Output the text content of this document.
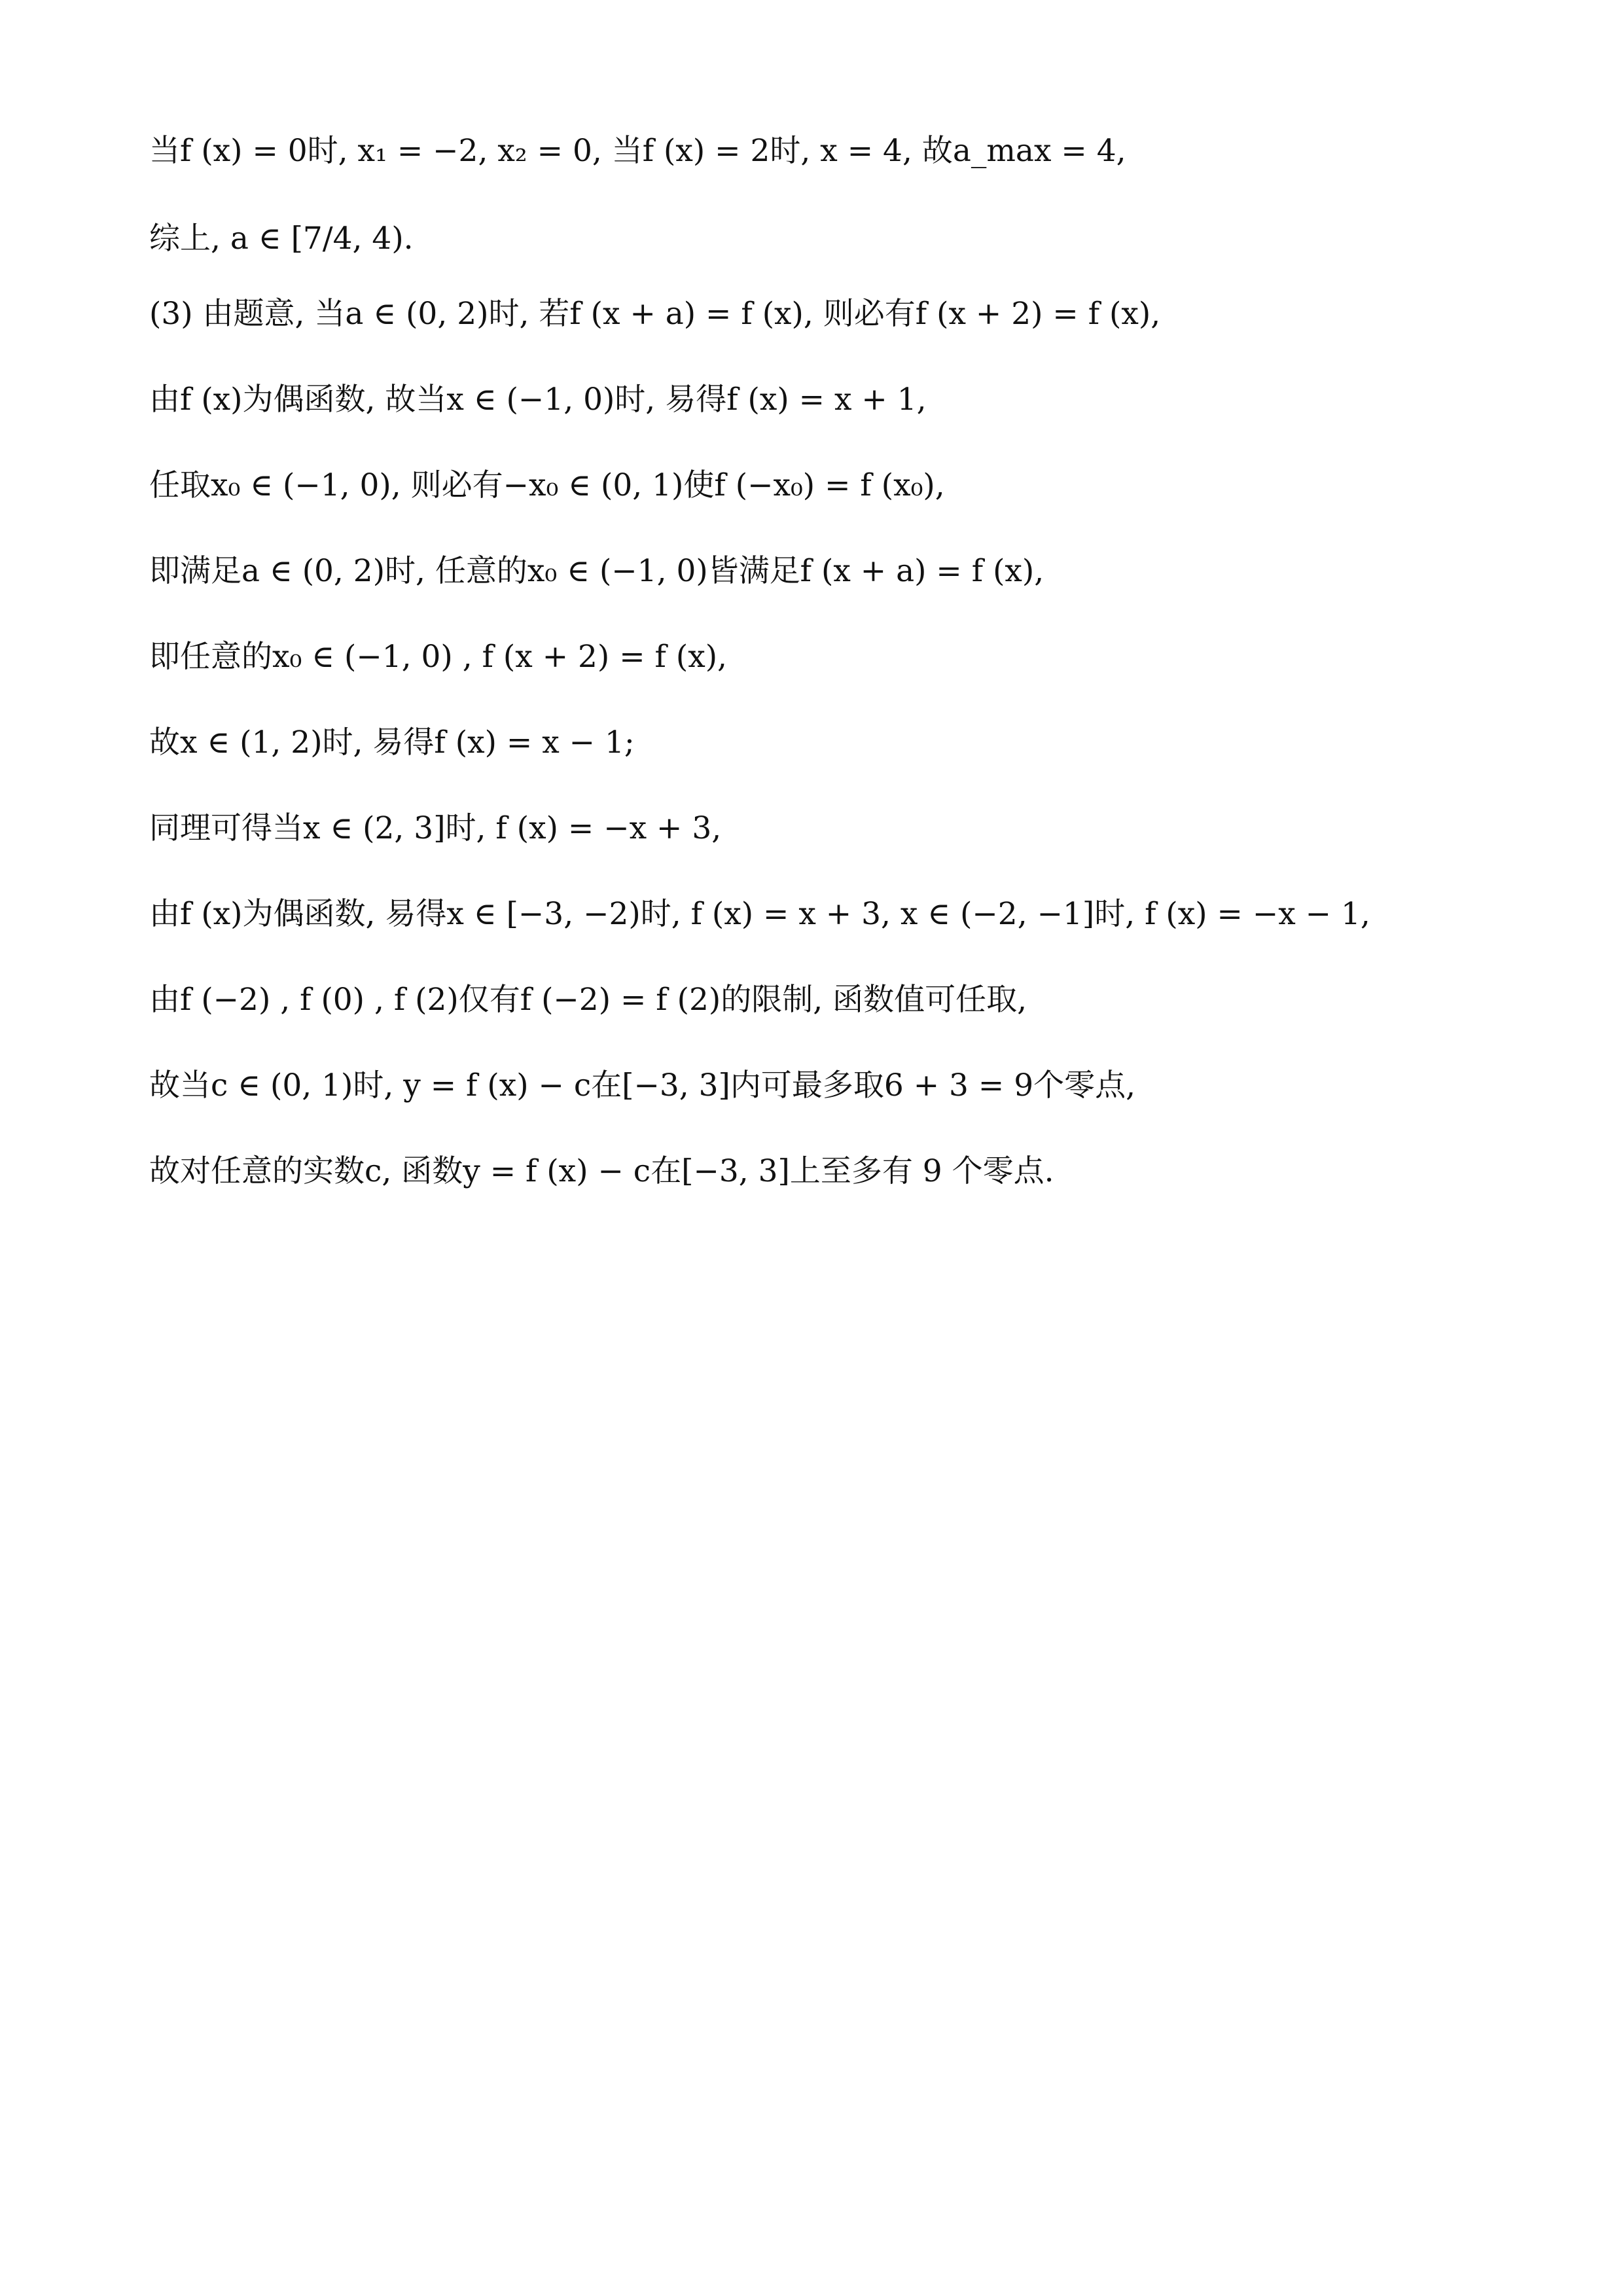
当f (x) = 0时, x₁ = −2, x₂ = 0, 当f (x) = 2时, x = 4, 故a_max = 4,
综上, a ∈ [7/4, 4).
(3) 由题意, 当a ∈ (0, 2)时, 若f (x + a) = f (x), 则必有f (x + 2) = f (x),
由f (x)为偶函数, 故当x ∈ (−1, 0)时, 易得f (x) = x + 1,
任取x₀ ∈ (−1, 0), 则必有−x₀ ∈ (0, 1)使f (−x₀) = f (x₀),
即满足a ∈ (0, 2)时, 任意的x₀ ∈ (−1, 0)皆满足f (x + a) = f (x),
即任意的x₀ ∈ (−1, 0) , f (x + 2) = f (x),
故x ∈ (1, 2)时, 易得f (x) = x − 1;
同理可得当x ∈ (2, 3]时, f (x) = −x + 3,
由f (x)为偶函数, 易得x ∈ [−3, −2)时, f (x) = x + 3, x ∈ (−2, −1]时, f (x) = −x − 1,
由f (−2) , f (0) , f (2)仅有f (−2) = f (2)的限制, 函数值可任取,
故当c ∈ (0, 1)时, y = f (x) − c在[−3, 3]内可最多取6 + 3 = 9个零点,
故对任意的实数c, 函数y = f (x) − c在[−3, 3]上至多有 9 个零点.
